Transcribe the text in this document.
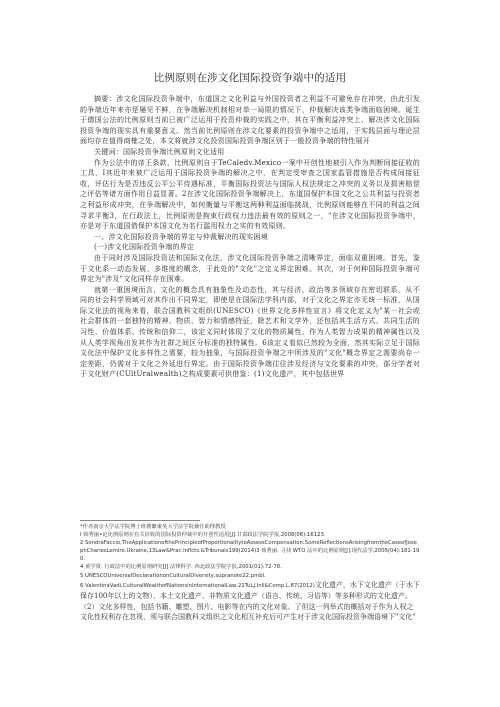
比例原则在涉文化国际投资争端中的适用

摘要：涉文化国际投资争端中，东道国之文化利益与外国投资者之利益不可避免存在冲突，由此引发的争端近年来亦是屡见不鲜，在争端解决机制相对单一局限的情况下，仲裁解决该类争端面临困境。诞生于德国公法的比例原则当前已被广泛运用于投资仲裁的实践之中，其在平衡利益冲突上、解决涉文化国际投资争端的现实具有重要意义。然当前比例原则在涉文化要素的投资争端中之适用，于实践层面与理论层面均存在值得商榷之处，本文将就涉文化投资国际投资争端区别于一般投资争端的特性展开

关键词：国际投资争端比例原则文化适用

作为公法中的帝王条款，比例原则自于TeCaledv.Mexico一案中开创性地被引入作为判断间接征收的工具，Ⅰ其近年来被广泛运用于国际投资争端的解决之中，在判定受审查之国家监管措施是否构成间接征收，评估行为是否违反公平公平待遇标准，平衡国际投资法与国际人权法规定之冲突的义务以及损害赔偿之评估等诸方面作用日益显著。2在涉文化国际投资争端解决上，东道国保护本国文化之公共利益与投资者之利益形成冲突，在争端解决中，如何衡量与平衡这两种利益面临挑战，比例原则能够在不同的利益之间寻求平衡3，在行政法上，比例原则是拘束行政权力违法最有效的原则之一，"在涉文化国际投资争端中，亦是对于东道国借保护本国文化为名行滥用权力之实的有效原则。

一、涉文化国际投资争端的界定与仲裁解决的现实困境

(一)涉文化国际投资争端的界定

由于同时涉及国际投资法和国际文化法，涉文化国际投资争端之清晰界定，面临双重困境。首先，鉴于文化系一动态发展、多维度的概念，于此处的"文化"之定义界定困难。其次，对于何种国际投资争端可界定为"涉及"文化同样存在困难。

就第一重困境而言，文化的概念具有抽象性及动态性，其与经济、政治等多领域存在密切联系，从不同的社会科学领域可对其作出不同界定，即使是在国际法学科内部，对于文化之界定亦无统一标准，从国际文化法的视角来看，联合国教科文组织(UNESCO)《世界文化多样性宣言》将文化定义为"某一社会或社会群体的一套独特的精神、物质、智力和情感特征，除艺术和文学外，还包括其生活方式、共同生活的习性、价值体系、传统和信仰二，该定义同时体现了文化的物质属性、作为人类智力成果的精神属性以及从人类学视角出发其作为社群之间区分标准的独特属性。6该定义看似已然较为全面，然其实际立足于国际文化法中保护文化多样性之需要，较为抽象，与国际投资争端之中所涉及的"文化"概念界定之需要尚存一定差距，仍需对于文化之外延进行界定。由于国际投资争端往往涉及经济与文化要素的冲突，部分学者对于文化财产(CUltUralwealth)之构成要素可供借鉴：(1)文化遗产，其中包括世界

*作者南京大学法学院博士班雅繁東吳大学法学院兼任助理教授

I 韩秀丽•论比例原则在有关征收的国际投资仲裁中的开创性适用[J].甘肃政法学院学报,2008(06):16123.

2 SondraFaccio,TheApplicationofthePrincipleofProportionalitytoAssessCompensation:SomeReflectionsArisingfromtheCaseofJosephCharlesLemire.Ukraine,13Law&Prac.lnflcts.&Tribunals199(2014)3 韩秀丽. 寻找 WTO 法中的比例原则[J].现代法学,2005(04):181-190.

4 黄学贤. 行政法中的比例原则研究[J].法律科学. 西北政法学院学报,2001(01):72-78.

5 UNESCOUniversalDeclarationonCulturalDiversity,supranote22,pmbl.

6 ValentinaVadi,CulturalWealthofNationsinInternationalLaw,21TuLJ.Inll&Comp.L.87(2012)文化遗产，水下文化遗产（于水下保存100年以上的文物）、本土文化遗产、非物质文化遗产（语言、传统、习俗等）等多种形式的文化遗产。（2）文化多样性，包括书籍、雕塑、图片、电影等在内的文化对象。了但这一列举式的概括对于作为人权之文化性权利存在忽视，须与联合国教科文组织之文化相互补充后可产生对于涉文化国际投资争端语境下"文化"
